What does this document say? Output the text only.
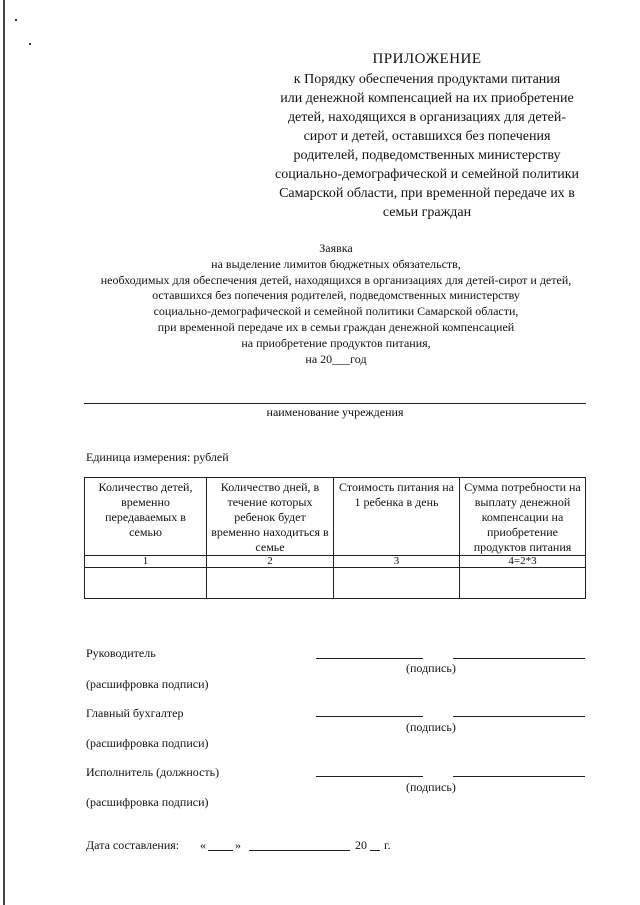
ПРИЛОЖЕНИЕ
к Порядку обеспечения продуктами питания
или денежной компенсацией на их приобретение
детей, находящихся в организациях для детей-
сирот и детей, оставшихся без попечения
родителей, подведомственных министерству
социально-демографической и семейной политики
Самарской области, при временной передаче их в
семьи граждан
Заявка
на выделение лимитов бюджетных обязательств,
необходимых для обеспечения детей, находящихся в организациях для детей-сирот и детей,
оставшихся без попечения родителей, подведомственных министерству
социально-демографической и семейной политики Самарской области,
при временной передаче их в семьи граждан денежной компенсацией
на приобретение продуктов питания,
на 20___год
наименование учреждения
Единица измерения: рублей
Количество детей, временно передаваемых в семью	Количество дней, в течение которых ребенок будет временно находиться в семье	Стоимость питания на 1 ребенка в день	Сумма потребности на выплату денежной компенсации на приобретение продуктов питания
1	2	3	4=2*3

Руководитель
(подпись)
(расшифровка подписи)
Главный бухгалтер
(подпись)
(расшифровка подписи)
Исполнитель (должность)
(подпись)
(расшифровка подписи)
Дата составления: « »	20 г.
